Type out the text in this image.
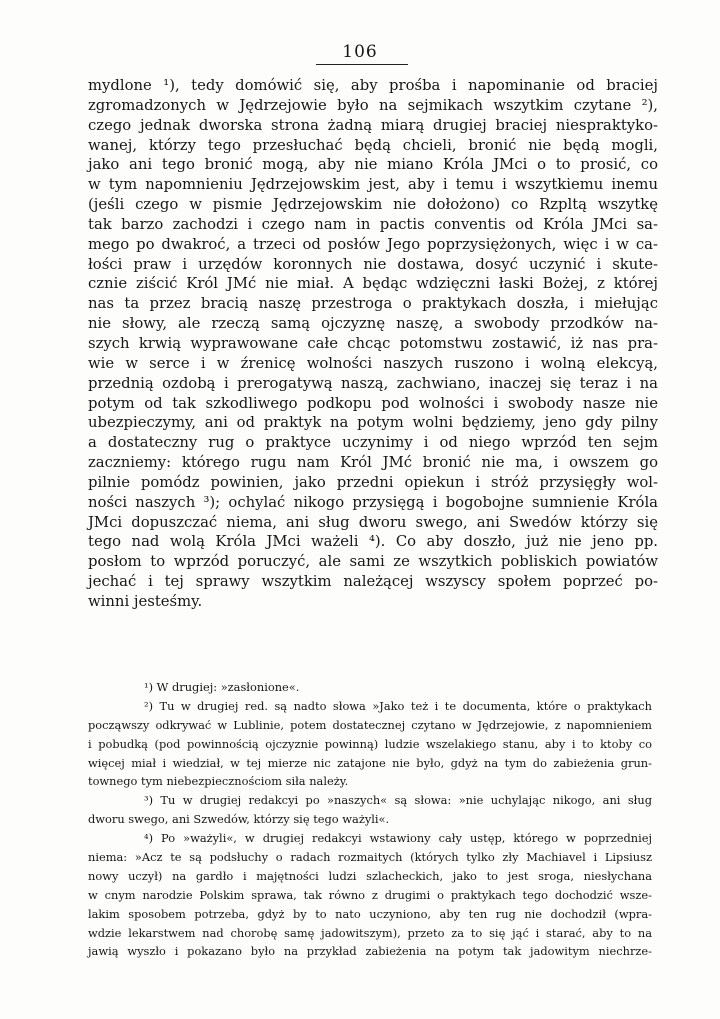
106
mydlone ¹), tedy domówić się, aby prośba i napominanie od braciej
zgromadzonych w Jędrzejowie było na sejmikach wszytkim czytane ²),
czego jednak dworska strona żadną miarą drugiej braciej niespraktyko-
wanej, którzy tego przesłuchać będą chcieli, bronić nie będą mogli,
jako ani tego bronić mogą, aby nie miano Króla JMci o to prosić, co
w tym napomnieniu Jędrzejowskim jest, aby i temu i wszytkiemu inemu
(jeśli czego w pismie Jędrzejowskim nie dołożono) co Rzpltą wszytkę
tak barzo zachodzi i czego nam in pactis conventis od Króla JMci sa-
mego po dwakroć, a trzeci od posłów Jego poprzysiężonych, więc i w ca-
łości praw i urzędów koronnych nie dostawa, dosyć uczynić i skute-
cznie ziścić Król JMć nie miał. A będąc wdzięczni łaski Bożej, z której
nas ta przez bracią naszę przestroga o praktykach doszła, i miełując
nie słowy, ale rzeczą samą ojczyznę naszę, a swobody przodków na-
szych krwią wyprawowane całe chcąc potomstwu zostawić, iż nas pra-
wie w serce i w źrenicę wolności naszych ruszono i wolną elekcyą,
przednią ozdobą i prerogatywą naszą, zachwiano, inaczej się teraz i na
potym od tak szkodliwego podkopu pod wolności i swobody nasze nie
ubezpieczymy, ani od praktyk na potym wolni będziemy, jeno gdy pilny
a dostateczny rug o praktyce uczynimy i od niego wprzód ten sejm
zaczniemy: którego rugu nam Król JMć bronić nie ma, i owszem go
pilnie pomódz powinien, jako przedni opiekun i stróż przysięgły wol-
ności naszych ³); ochylać nikogo przysięgą i bogobojne sumnienie Króla
JMci dopuszczać niema, ani sług dworu swego, ani Swedów którzy się
tego nad wolą Króla JMci ważeli ⁴). Co aby doszło, już nie jeno pp.
posłom to wprzód poruczyć, ale sami ze wszytkich pobliskich powiatów
jechać i tej sprawy wszytkim należącej wszyscy społem poprzeć po-
winni jesteśmy.
¹) W drugiej: »zasłonione«.
²) Tu w drugiej red. są nadto słowa »Jako też i te documenta, które o praktykach
począwszy odkrywać w Lublinie, potem dostatecznej czytano w Jędrzejowie, z napomnieniem
i pobudką (pod powinnością ojczyznie powinną) ludzie wszelakiego stanu, aby i to ktoby co
więcej miał i wiedział, w tej mierze nic zatajone nie było, gdyż na tym do zabieżenia grun-
townego tym niebezpiecznościom siła należy.
³) Tu w drugiej redakcyi po »naszych« są słowa: »nie uchylając nikogo, ani sług
dworu swego, ani Szwedów, którzy się tego ważyli«.
⁴) Po »ważyli«, w drugiej redakcyi wstawiony cały ustęp, którego w poprzedniej
niema: »Acz te są podsłuchy o radach rozmaitych (których tylko zły Machiavel i Lipsiusz
nowy uczył) na gardło i majętności ludzi szlacheckich, jako to jest sroga, niesłychana
w cnym narodzie Polskim sprawa, tak równo z drugimi o praktykach tego dochodzić wsze-
lakim sposobem potrzeba, gdyż by to nato uczyniono, aby ten rug nie dochodził (wpra-
wdzie lekarstwem nad chorobę samę jadowitszym), przeto za to się jąć i starać, aby to na
jawią wyszło i pokazano było na przykład zabieżenia na potym tak jadowitym niechrze-
